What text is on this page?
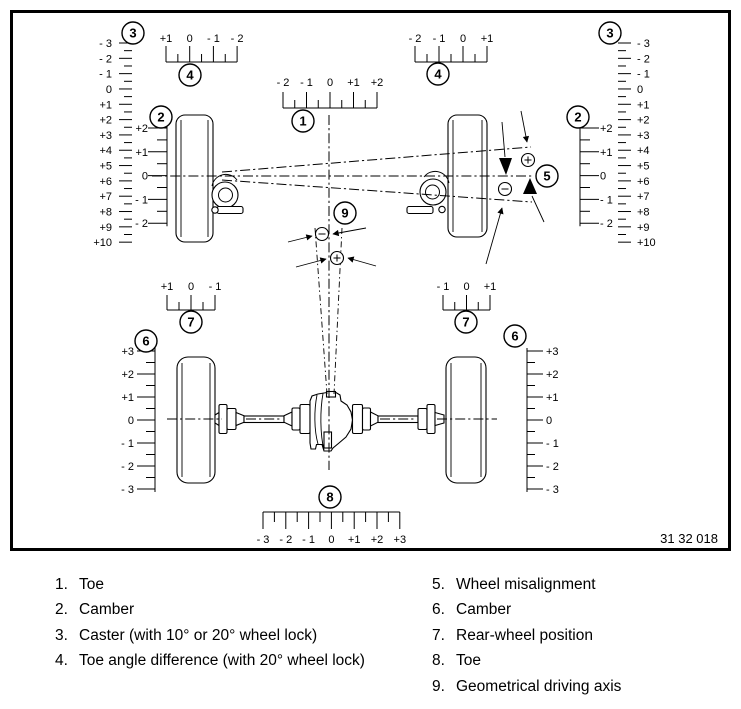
- 2 - 1 0 +1 +2
+1 0 - 1 - 2	- 2 - 1 0 +1
- 3
- 2
- 1
0
+1
+2
+3
+4
+5
+6
+7
+8
+9
+10
- 3
- 2
- 1
0
+1
+2
+3
+4
+5
+6
+7
+8
+9
+10
+2
+1
0
- 1
- 2
+2
+1
0
- 1
- 2
+3
+2
+1
0
- 1
- 2
- 3
+3
+2
+1
0
- 1
- 2
- 3
+1 0 - 1	- 1 0 +1
- 3 - 2 - 1 0 +1 +2 +3
1
2	2
3	3
4	4
5
6	6
7	7
8
9
31 32 018
1. Toe
2. Camber
3. Caster (with 10° or 20° wheel lock)
4. Toe angle difference (with 20° wheel lock)
5. Wheel misalignment
6. Camber
7. Rear-wheel position
8. Toe
9. Geometrical driving axis
